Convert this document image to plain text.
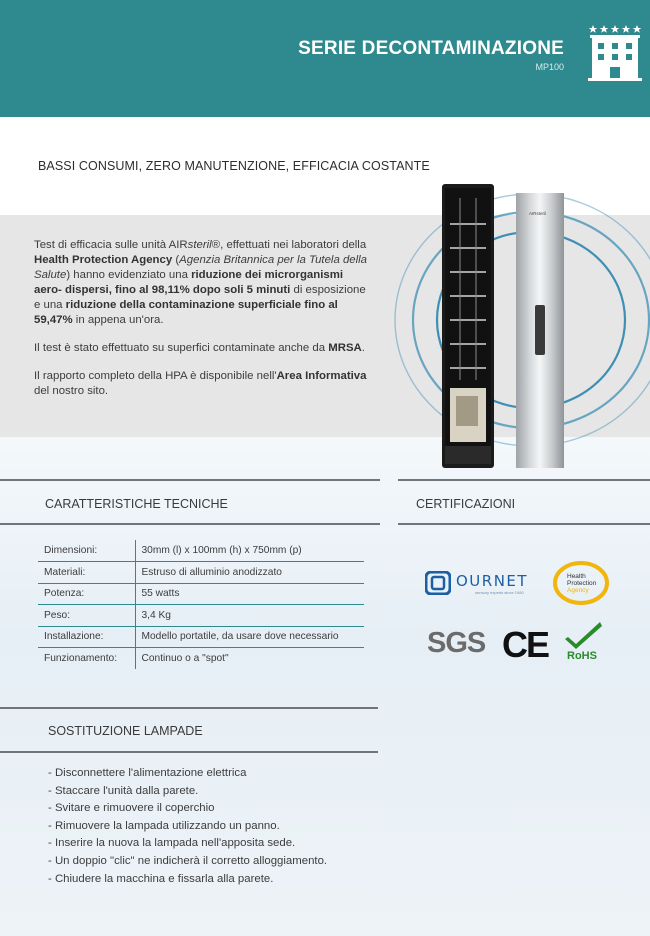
SERIE DECONTAMINAZIONE
MP100
BASSI CONSUMI, ZERO MANUTENZIONE, EFFICACIA COSTANTE

Test di efficacia sulle unità AIRsteril®, effettuati nei laboratori della Health Protection Agency (Agenzia Britannica per la Tutela della Salute) hanno evidenziato una riduzione dei microrganismi aero- dispersi, fino al 98,11% dopo soli 5 minuti di esposizione e una riduzione della contaminazione superficiale fino al 59,47% in appena un'ora.

Il test è stato effettuato su superfici contaminate anche da MRSA.

Il rapporto completo della HPA è disponibile nell'Area Informativa del nostro sito.

AIRsteril
CARATTERISTICHE TECNICHE
Dimensioni:	30mm (l) x 100mm (h) x 750mm (p)
Materiali:	Estruso di alluminio anodizzato
Potenza:	55 watts
Peso:	3,4 Kg
Installazione:	Modello portatile, da usare dove necessario
Funzionamento:	Continuo o a "spot"
CERTIFICAZIONI
OURNET
sensory experts since 1980
Health
Protection
Agency
SGS CE RoHS
SOSTITUZIONE LAMPADE
- Disconnettere l'alimentazione elettrica
- Staccare l'unità dalla parete.
- Svitare e rimuovere il coperchio
- Rimuovere la lampada utilizzando un panno.
- Inserire la nuova la lampada nell'apposita sede.
- Un doppio "clic" ne indicherà il corretto alloggiamento.
- Chiudere la macchina e fissarla alla parete.
